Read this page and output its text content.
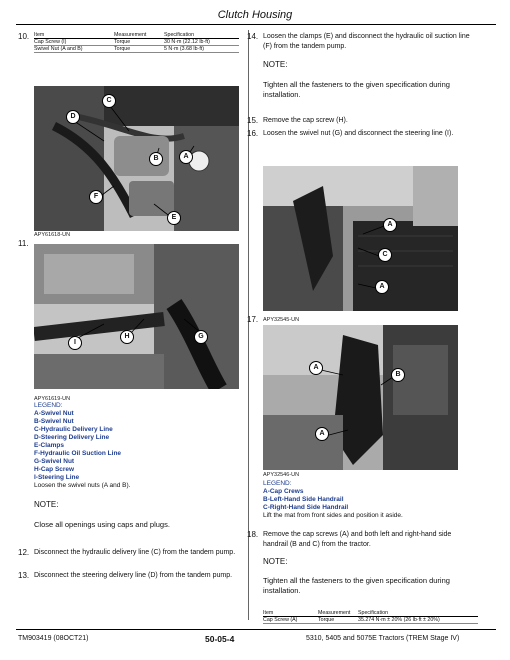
Clutch Housing
10. Item	Measurement	Specification
Cap Screw (I)	Torque	30 N·m (22.12 lb·ft)
Swivel Nut (A and B)	Torque	5 N·m (3.68 lb·ft)
C
D
B	A
F
E
APY61618-UN
11.
I
H	G
APY61619-UN
LEGEND:
A-Swivel Nut
B-Swivel Nut
C-Hydraulic Delivery Line
D-Steering Delivery Line
E-Clamps
F-Hydraulic Oil Suction Line
G-Swivel Nut
H-Cap Screw
I-Steering Line
Loosen the swivel nuts (A and B).
NOTE:
Close all openings using caps and plugs.
12. Disconnect the hydraulic delivery line (C) from the tandem pump.
13. Disconnect the steering delivery line (D) from the tandem pump.
14. Loosen the clamps (E) and disconnect the hydraulic oil suction line (F) from the tandem pump.
NOTE:
Tighten all the fasteners to the given specification during installation.
15. Remove the cap screw (H).
16. Loosen the swivel nut (G) and disconnect the steering line (I).
A
C
A
17. APY32545-UN
A
B
A
APY32546-UN
LEGEND:
A-Cap Crews
B-Left-Hand Side Handrail
C-Right-Hand Side Handrail
Lift the mat from front sides and position it aside.
18. Remove the cap screws (A) and both left and right-hand side handrail (B and C) from the tractor.
NOTE:
Tighten all the fasteners to the given specification during installation.
Item	Measurement	Specification
Cap Screw (A)	Torque	35.274 N·m ± 20% (26 lb·ft ± 20%)
TM903419 (08OCT21)	50-05-4	5310, 5405 and 5075E Tractors (TREM Stage IV)
